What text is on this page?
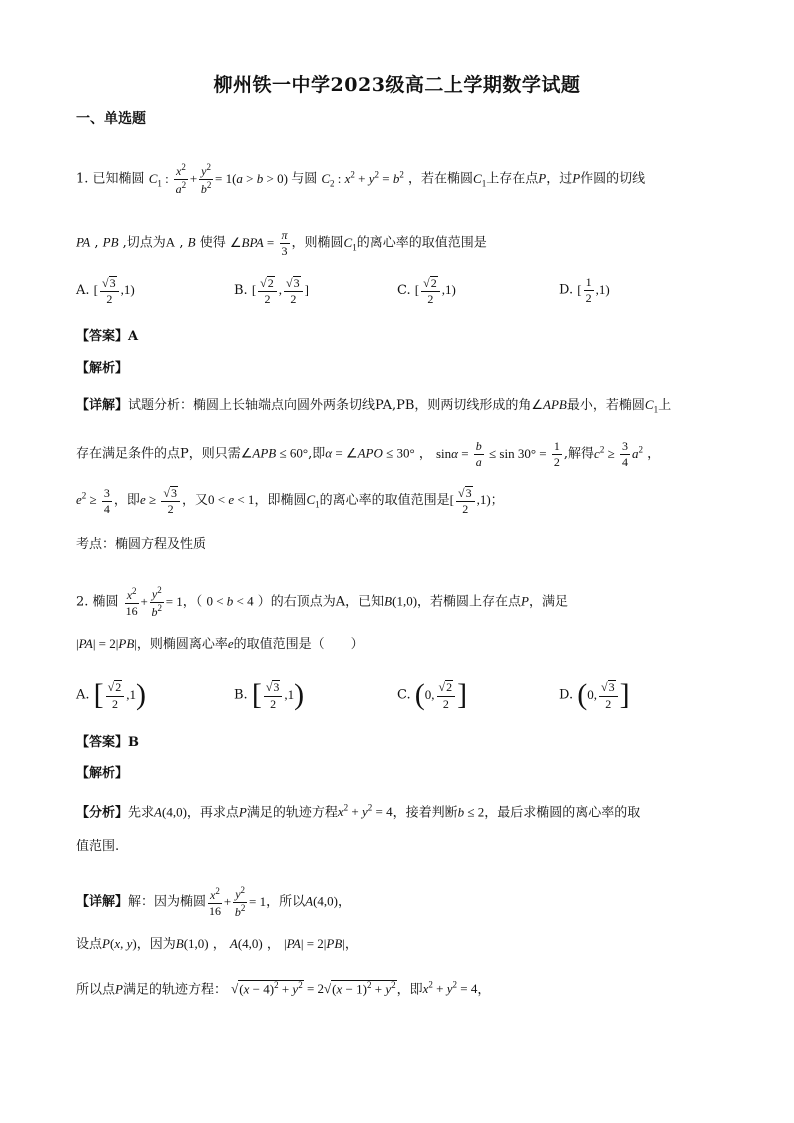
柳州铁一中学2023级高二上学期数学试题
一、单选题
1. 已知椭圆 $C_1$ : $\frac{x^2}{a^2} + \frac{y^2}{b^2} = 1(a > b > 0)$ 与圆 $C_2$ : $x^2 + y^2 = b^2$ ，若在椭圆$C_1$上存在点P，过P作圆的切线
PA , PB ,切点为A , B 使得 ∠BPA = $\frac{\pi}{3}$ ，则椭圆$C_1$的离心率的取值范围是
A. [ $\frac{√ 3}{2} ,1$)	B. [ $\frac{√ 2}{2}$ , $\frac{√ 3}{2}$ ]	C. [ $\frac{√ 2}{2} ,1$)	D. [ $\frac{1}{2} ,1$)
【答案】A
【解析】
【详解】试题分析：椭圆上长轴端点向圆外两条切线PA,PB，则两切线形成的角∠APB最小，若椭圆$C_1$上
存在满足条件的点P，则只需∠APB ≤ 60°,即α = ∠APO ≤ 30° ， $\sin\alpha = \frac{b}{a} \le \sin 30^\circ = \frac{1}{2}$ ,解得$c^2 \ge \frac{3}{4} a^2$ ，
$e^2 \ge \frac{3}{4}$ ，即$e \ge \frac{√ 3}{2}$ ，又0 < e < 1，即椭圆$C_1$的离心率的取值范围是[ $\frac{√ 3}{2} ,1$)；
考点：椭圆方程及性质
2. 椭圆 $\frac{x^2}{16} + \frac{y^2}{b^2} = 1$，（ 0 < b < 4 ）的右顶点为A，已知B(1,0)，若椭圆上存在点P，满足
|PA| = 2|PB|，则椭圆离心率e的取值范围是（　　）
A. [ $\frac{√ 2}{2} ,1$)	B. [ $\frac{√ 3}{2} ,1$)	C. (0, $\frac{√ 2}{2}$ ]	D. (0, $\frac{√ 3}{2}$ ]
【答案】B
【解析】
【分析】先求A(4,0)，再求点P满足的轨迹方程$x^2 + y^2 = 4$，接着判断b ≤ 2，最后求椭圆的离心率的取
值范围.
【详解】解：因为椭圆 $\frac{x^2}{16} + \frac{y^2}{b^2} = 1$，所以A(4,0)，
设点P(x, y)，因为B(1,0) ， A(4,0) ， |PA| = 2|PB|，
所以点P满足的轨迹方程： √ $(x - 4)^2 + y^2 = 2√$ $(x - 1)^2 + y^2$ ，即$x^2 + y^2 = 4$，
